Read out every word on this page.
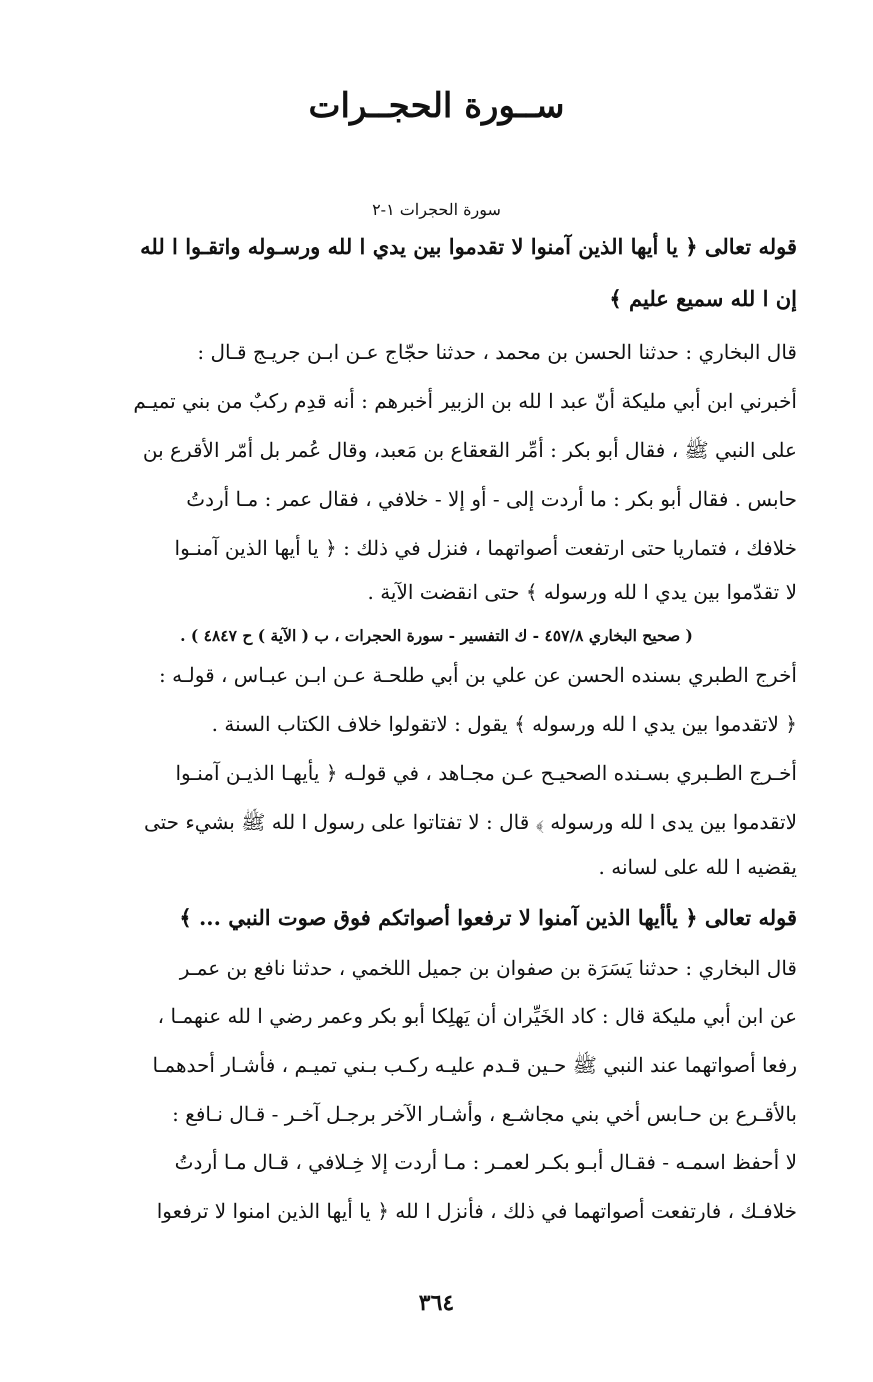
ســورة الحجــرات
سورة الحجرات ١-٢
قوله تعالى ﴿ يا أيها الذين آمنوا لا تقدموا بين يدي ا لله ورسـوله واتقـوا ا لله
إن ا لله سميع عليم ﴾
قال البخاري : حدثنا الحسن بن محمد ، حدثنا حجّاج عـن ابـن جريـج قـال :
أخبرني ابن أبي مليكة أنّ عبد ا لله بن الزبير أخبرهم : أنه قدِم ركبٌ من بني تميـم
على النبي ﷺ ، فقال أبو بكر : أمِّر القعقاع بن مَعبد، وقال عُمر بل أمّر الأقرع بن
حابس . فقال أبو بكر : ما أردت إلى - أو إلا - خلافي ، فقال عمر : مـا أردتُ
خلافك ، فتماريا حتى ارتفعت أصواتهما ، فنزل في ذلك : ﴿ يا أيها الذين آمنـوا
لا تقدّموا بين يدي ا لله ورسوله ﴾ حتى انقضت الآية .
( صحيح البخاري ٤٥٧/٨ - ك التفسير - سورة الحجرات ، ب ( الآية ) ح ٤٨٤٧ ) .
أخرج الطبري بسنده الحسن عن علي بن أبي طلحـة عـن ابـن عبـاس ، قولـه :
﴿ لاتقدموا بين يدي ا لله ورسوله ﴾ يقول : لاتقولوا خلاف الكتاب السنة .
أخـرج الطـبري بسـنده الصحيـح عـن مجـاهد ، في قولـه ﴿ يأيهـا الذيـن آمنـوا
لاتقدموا بين يدى ا لله ورسوله ﴾ قال : لا تفتاتوا على رسول ا لله ﷺ بشيء حتى
يقضيه ا لله على لسانه .
قوله تعالى ﴿ يأأيها الذين آمنوا لا ترفعوا أصواتكم فوق صوت النبي ... ﴾
قال البخاري : حدثنا يَسَرَة بن صفوان بن جميل اللخمي ، حدثنا نافع بن عمـر
عن ابن أبي مليكة قال : كاد الخَيِّران أن يَهلِكا أبو بكر وعمر رضي ا لله عنهمـا ،
رفعا أصواتهما عند النبي ﷺ حـين قـدم عليـه ركـب بـني تميـم ، فأشـار أحدهمـا
بالأقـرع بن حـابس أخي بني مجاشـع ، وأشـار الآخر برجـل آخـر - قـال نـافع :
لا أحفظ اسمـه - فقـال أبـو بكـر لعمـر : مـا أردت إلا خِـلافي ، قـال مـا أردتُ
خلافـك ، فارتفعت أصواتهما في ذلك ، فأنزل ا لله ﴿ يا أيها الذين امنوا لا ترفعوا
٣٦٤
